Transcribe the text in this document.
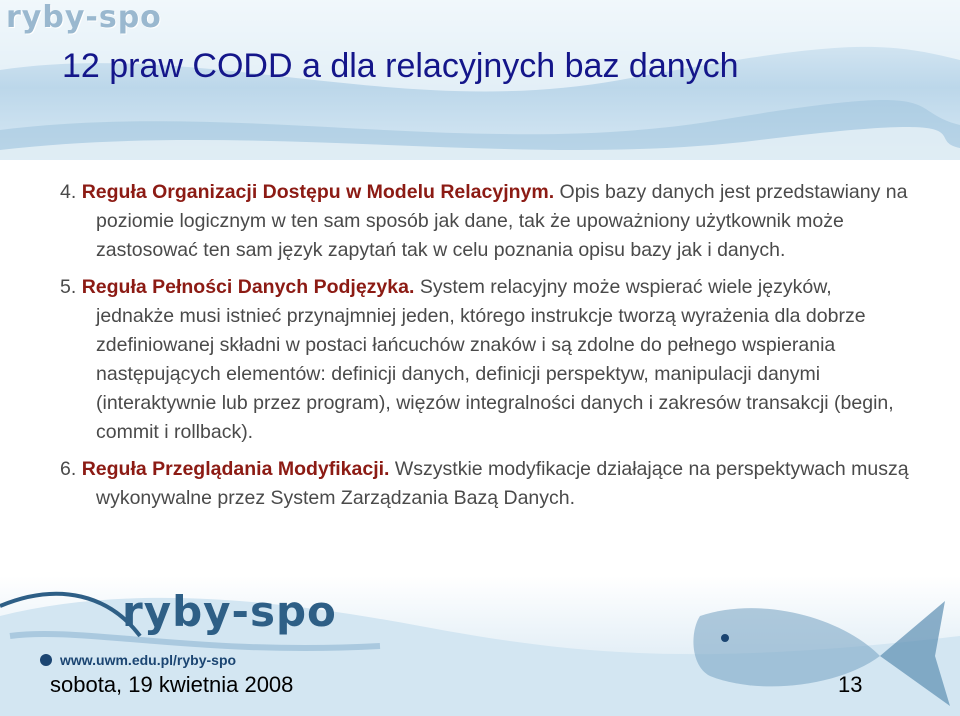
ryby-spo
12 praw CODD a dla relacyjnych baz danych

4. Reguła Organizacji Dostępu w Modelu Relacyjnym. Opis bazy danych jest przedstawiany na poziomie logicznym w ten sam sposób jak dane, tak że upoważniony użytkownik może zastosować ten sam język zapytań tak w celu poznania opisu bazy jak i danych.

5. Reguła Pełności Danych Podjęzyka. System relacyjny może wspierać wiele języków, jednakże musi istnieć przynajmniej jeden, którego instrukcje tworzą wyrażenia dla dobrze zdefiniowanej składni w postaci łańcuchów znaków i są zdolne do pełnego wspierania następujących elementów: definicji danych, definicji perspektyw, manipulacji danymi (interaktywnie lub przez program), więzów integralności danych i zakresów transakcji (begin, commit i rollback).

6. Reguła Przeglądania Modyfikacji. Wszystkie modyfikacje działające na perspektywach muszą wykonywalne przez System Zarządzania Bazą Danych.

ryby-spo
www.uwm.edu.pl/ryby-spo
sobota, 19 kwietnia 2008	13
